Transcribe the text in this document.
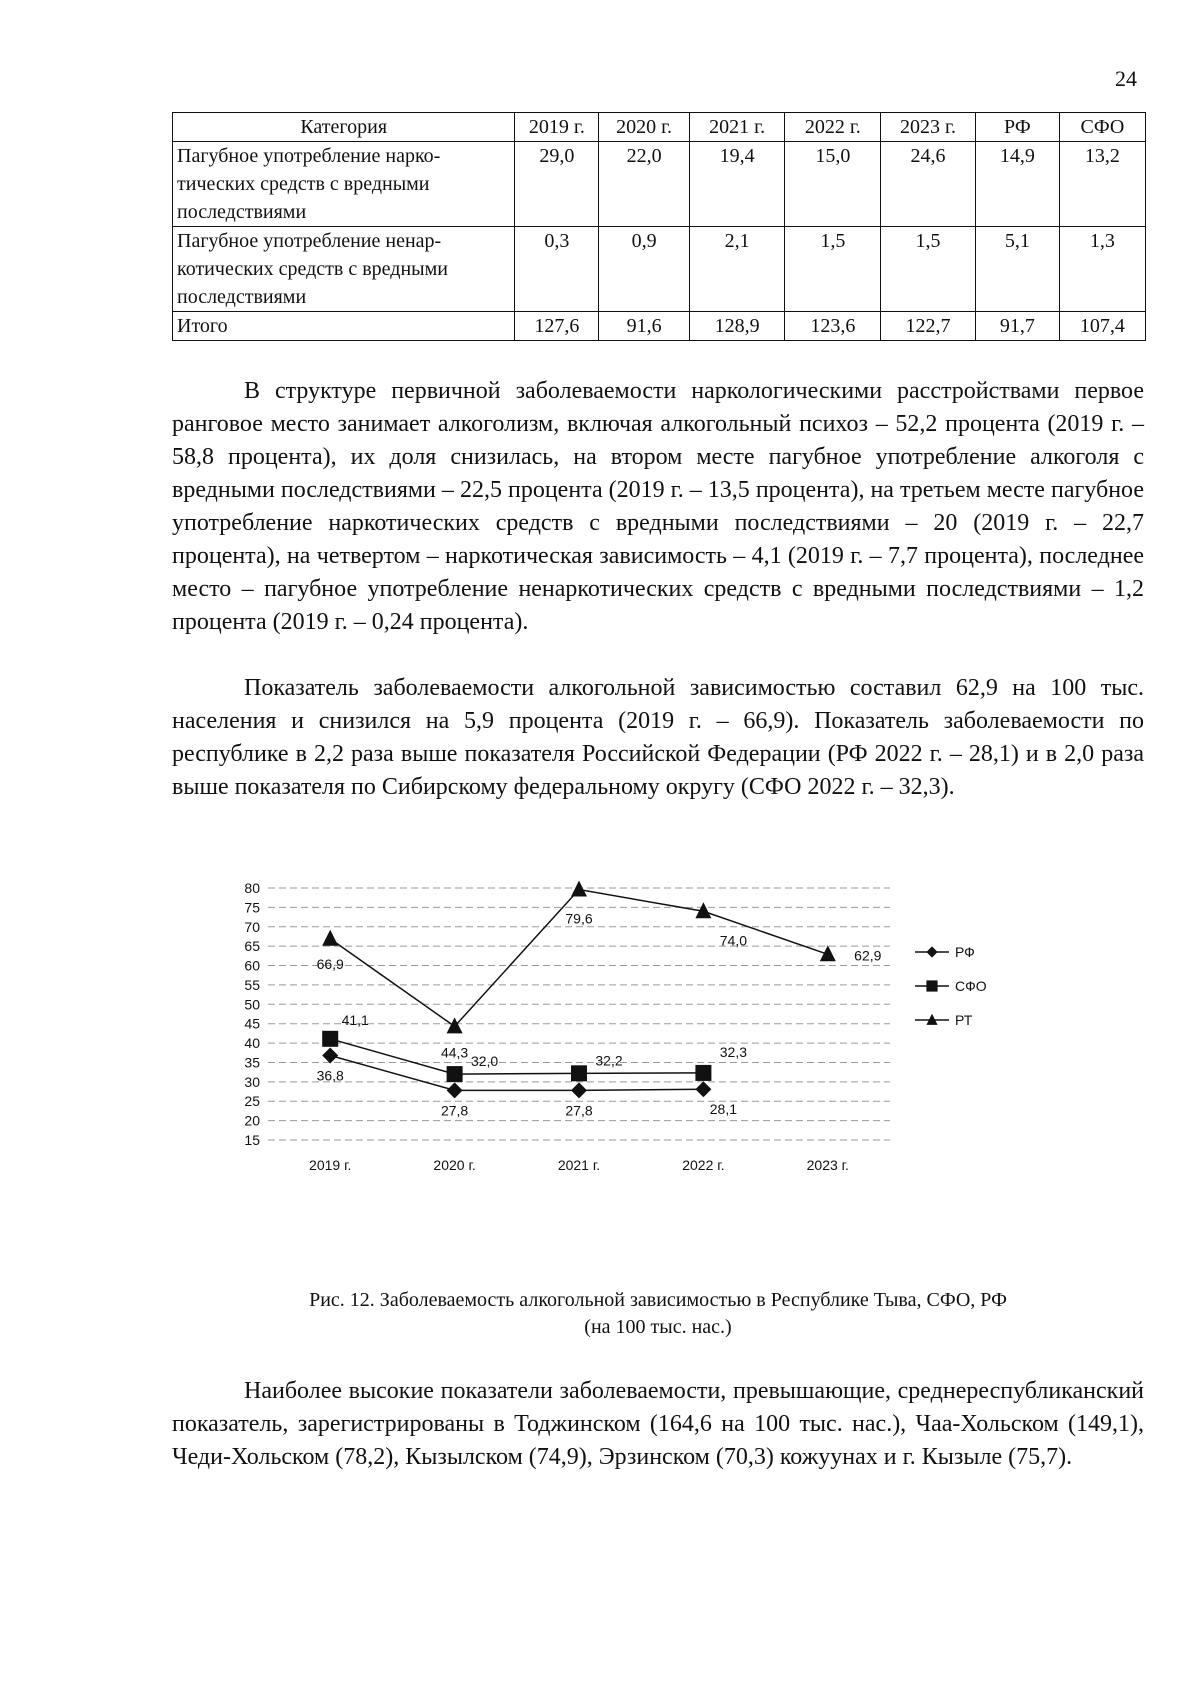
24
Категория	2019 г.	2020 г.	2021 г.	2022 г.	2023 г.	РФ	СФО
Пагубное употребление наркотических средств с вредными последствиями	29,0	22,0	19,4	15,0	24,6	14,9	13,2
Пагубное употребление ненаркотических средств с вредными последствиями	0,3	0,9	2,1	1,5	1,5	5,1	1,3
Итого	127,6	91,6	128,9	123,6	122,7	91,7	107,4

В структуре первичной заболеваемости наркологическими расстройствами первое ранговое место занимает алкоголизм, включая алкогольный психоз – 52,2 процента (2019 г. – 58,8 процента), их доля снизилась, на втором месте пагубное употребление алкоголя с вредными последствиями – 22,5 процента (2019 г. – 13,5 процента), на третьем месте пагубное употребление наркотических средств с вредными последствиями – 20 (2019 г. – 22,7 процента), на четвертом – наркотическая зависимость – 4,1 (2019 г. – 7,7 процента), последнее место – пагубное употребление ненаркотических средств с вредными последствиями – 1,2 процента (2019 г. – 0,24 процента).

Показатель заболеваемости алкогольной зависимостью составил 62,9 на 100 тыс. населения и снизился на 5,9 процента (2019 г. – 66,9). Показатель заболеваемости по республике в 2,2 раза выше показателя Российской Федерации (РФ 2022 г. – 28,1) и в 2,0 раза выше показателя по Сибирскому федеральному округу (СФО 2022 г. – 32,3).

15
20
25
30
35
40
45
50
55
60
65
70
75
80
2019 г.	2020 г.	2021 г.	2022 г.	2023 г.
36,8
27,8	27,8	28,1
41,1
32,0	32,2
32,3
66,9
44,3
79,6
74,0
62,9	РФ
СФО
РТ
Рис. 12. Заболеваемость алкогольной зависимостью в Республике Тыва, СФО, РФ
(на 100 тыс. нас.)

Наиболее высокие показатели заболеваемости, превышающие, среднереспубликанский показатель, зарегистрированы в Тоджинском (164,6 на 100 тыс. нас.), Чаа-Хольском (149,1), Чеди-Хольском (78,2), Кызылском (74,9), Эрзинском (70,3) кожуунах и г. Кызыле (75,7).
